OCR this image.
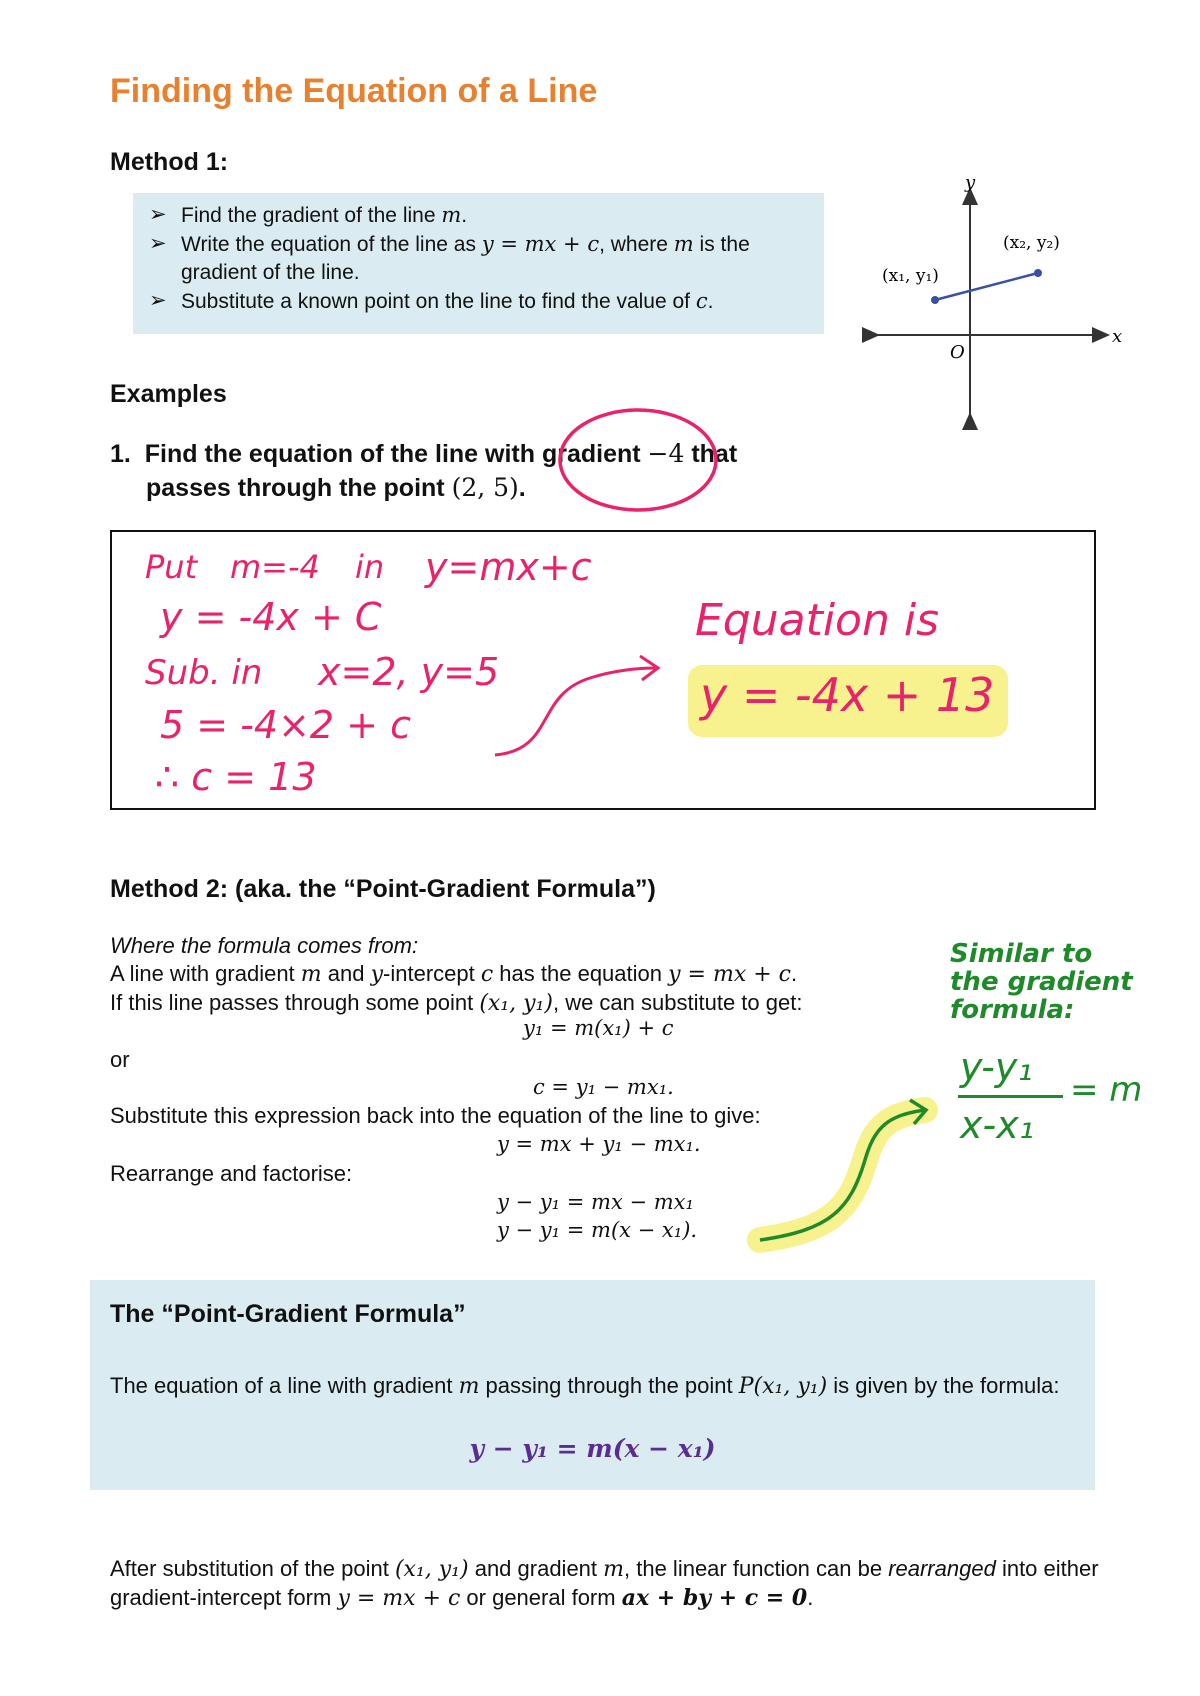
Finding the Equation of a Line
Method 1:
➢ Find the gradient of the line m.
➢ Write the equation of the line as y = mx + c, where m is the gradient of the line.
➢ Substitute a known point on the line to find the value of c.
y
x
O
(x₁, y₁)
(x₂, y₂)
Examples
1. Find the equation of the line with gradient −4 that
passes through the point (2, 5).
Put m=-4 in y=mx+c
y = -4x + C
Sub. in x=2, y=5
5 = -4×2 + c
∴ c = 13
Equation is
y = -4x + 13
Method 2: (aka. the “Point-Gradient Formula”)
Where the formula comes from:
A line with gradient m and y-intercept c has the equation y = mx + c.
If this line passes through some point (x₁, y₁), we can substitute to get:
y₁ = m(x₁) + c
or
c = y₁ − mx₁.
Substitute this expression back into the equation of the line to give:
y = mx + y₁ − mx₁.
Rearrange and factorise:
y − y₁ = mx − mx₁
y − y₁ = m(x − x₁).
Similar to
the gradient
formula:
y-y₁
x-x₁
= m
The “Point-Gradient Formula”
The equation of a line with gradient m passing through the point P(x₁, y₁) is given by the formula:
y − y₁ = m(x − x₁)
After substitution of the point (x₁, y₁) and gradient m, the linear function can be rearranged into either gradient-intercept form y = mx + c or general form ax + by + c = 0.
